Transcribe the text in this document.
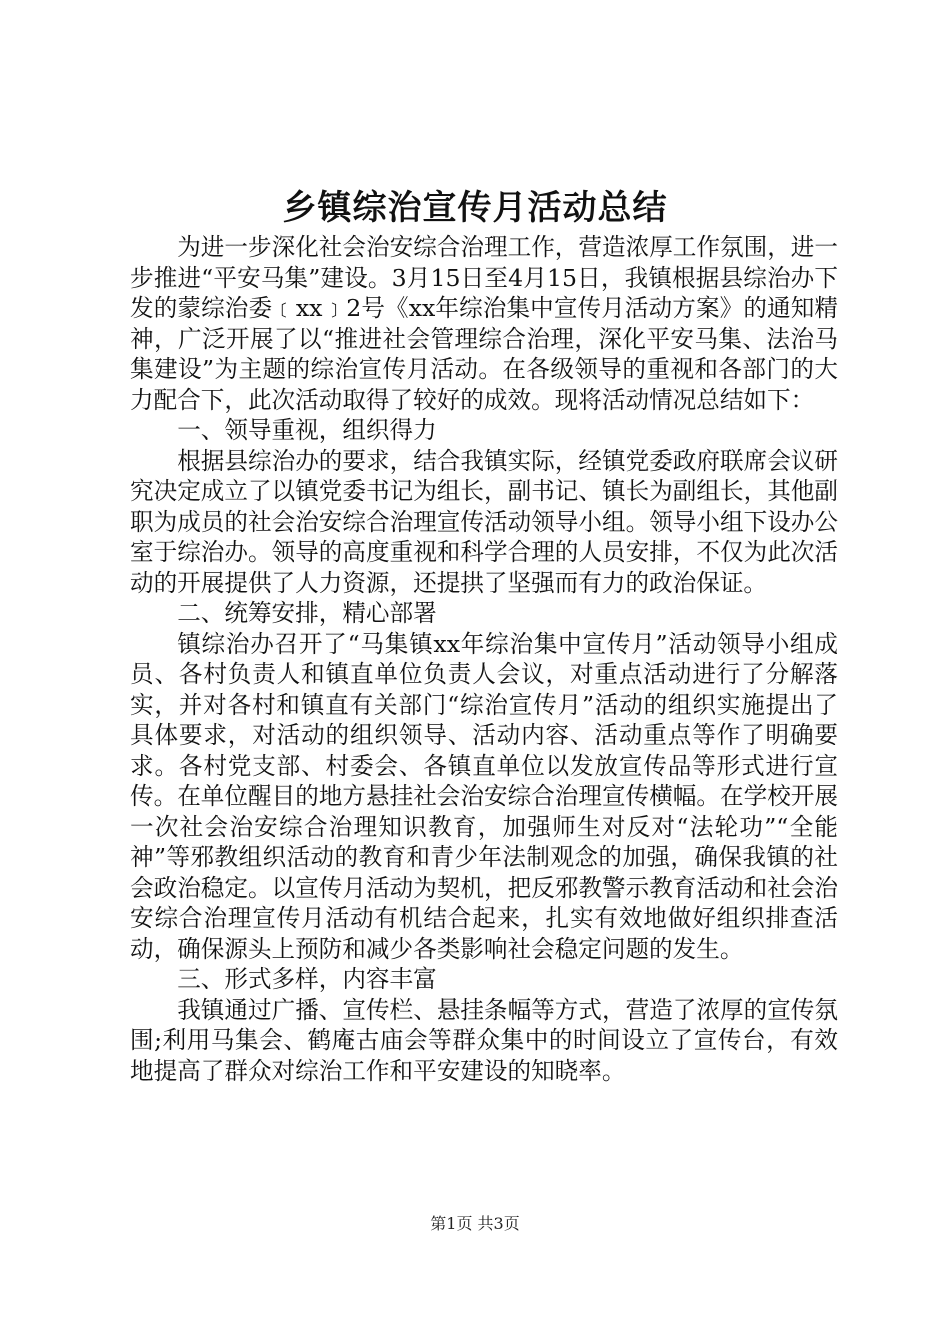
乡镇综治宣传月活动总结

为进一步深化社会治安综合治理工作，营造浓厚工作氛围，进一步推进“平安马集”建设。3月15日至4月15日，我镇根据县综治办下发的蒙综治委﹝xx﹞2号《xx年综治集中宣传月活动方案》的通知精神，广泛开展了以“推进社会管理综合治理，深化平安马集、法治马集建设”为主题的综治宣传月活动。在各级领导的重视和各部门的大力配合下，此次活动取得了较好的成效。现将活动情况总结如下：

一、领导重视，组织得力

根据县综治办的要求，结合我镇实际，经镇党委政府联席会议研究决定成立了以镇党委书记为组长，副书记、镇长为副组长，其他副职为成员的社会治安综合治理宣传活动领导小组。领导小组下设办公室于综治办。领导的高度重视和科学合理的人员安排，不仅为此次活动的开展提供了人力资源，还提拱了坚强而有力的政治保证。

二、统筹安排，精心部署

镇综治办召开了“马集镇xx年综治集中宣传月”活动领导小组成员、各村负责人和镇直单位负责人会议，对重点活动进行了分解落实，并对各村和镇直有关部门“综治宣传月”活动的组织实施提出了具体要求，对活动的组织领导、活动内容、活动重点等作了明确要求。各村党支部、村委会、各镇直单位以发放宣传品等形式进行宣传。在单位醒目的地方悬挂社会治安综合治理宣传横幅。在学校开展一次社会治安综合治理知识教育，加强师生对反对“法轮功”“全能神”等邪教组织活动的教育和青少年法制观念的加强，确保我镇的社会政治稳定。以宣传月活动为契机，把反邪教警示教育活动和社会治安综合治理宣传月活动有机结合起来，扎实有效地做好组织排查活动，确保源头上预防和减少各类影响社会稳定问题的发生。

三、形式多样，内容丰富

我镇通过广播、宣传栏、悬挂条幅等方式，营造了浓厚的宣传氛围;利用马集会、鹤庵古庙会等群众集中的时间设立了宣传台，有效地提高了群众对综治工作和平安建设的知晓率。

第1页 共3页
